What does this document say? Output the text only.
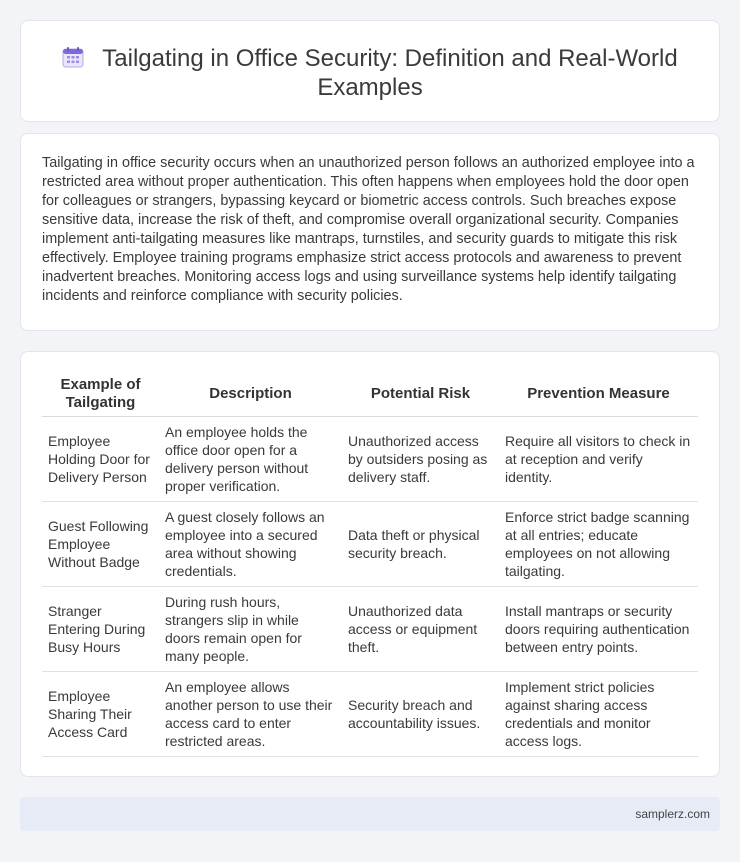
Tailgating in Office Security: Definition and Real-World Examples

Tailgating in office security occurs when an unauthorized person follows an authorized employee into a restricted area without proper authentication. This often happens when employees hold the door open for colleagues or strangers, bypassing keycard or biometric access controls. Such breaches expose sensitive data, increase the risk of theft, and compromise overall organizational security. Companies implement anti-tailgating measures like mantraps, turnstiles, and security guards to mitigate this risk effectively. Employee training programs emphasize strict access protocols and awareness to prevent inadvertent breaches. Monitoring access logs and using surveillance systems help identify tailgating incidents and reinforce compliance with security policies.

Example of Tailgating	Description	Potential Risk	Prevention Measure
Employee Holding Door for Delivery Person	An employee holds the office door open for a delivery person without proper verification.	Unauthorized access by outsiders posing as delivery staff.	Require all visitors to check in at reception and verify identity.
Guest Following Employee Without Badge	A guest closely follows an employee into a secured area without showing credentials.	Data theft or physical security breach.	Enforce strict badge scanning at all entries; educate employees on not allowing tailgating.
Stranger Entering During Busy Hours	During rush hours, strangers slip in while doors remain open for many people.	Unauthorized data access or equipment theft.	Install mantraps or security doors requiring authentication between entry points.
Employee Sharing Their Access Card	An employee allows another person to use their access card to enter restricted areas.	Security breach and accountability issues.	Implement strict policies against sharing access credentials and monitor access logs.
samplerz.com
